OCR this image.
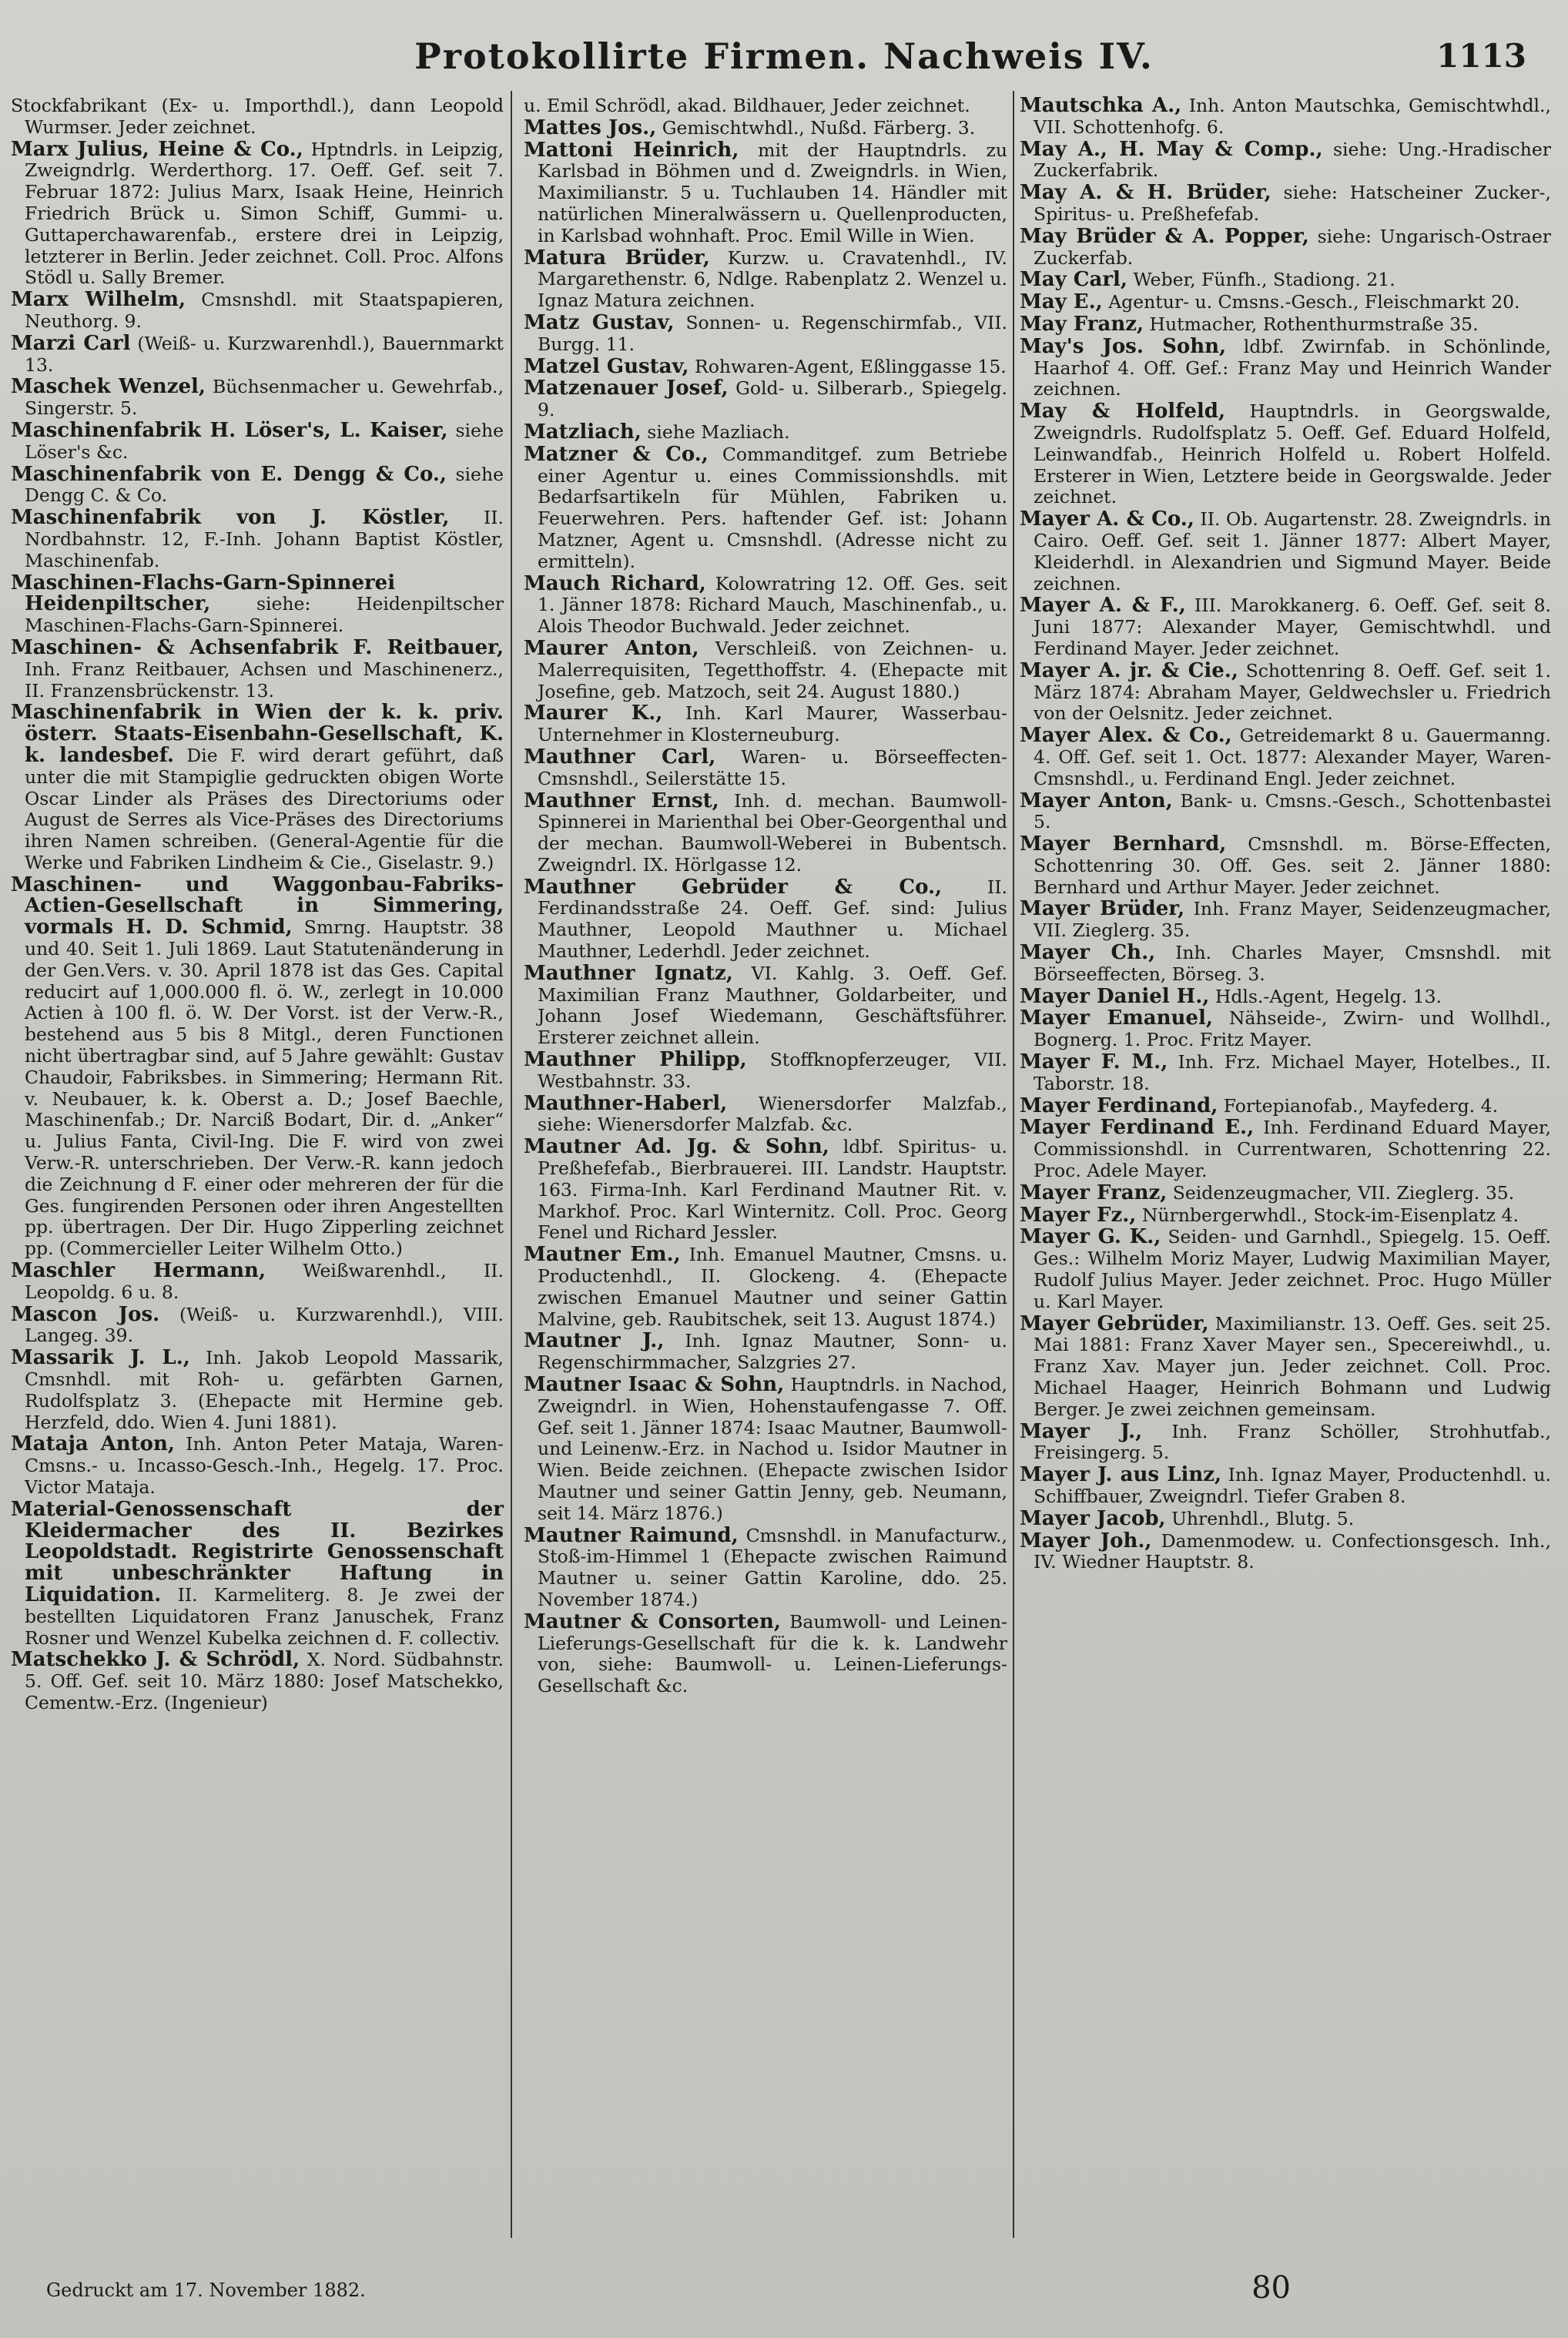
Protokollirte Firmen. Nachweis IV.	1113
Stockfabrikant (Ex- u. Importhdl.), dann Leopold Wurmser. Jeder zeichnet.
Marx Julius, Heine & Co., Hptndrls. in Leipzig, Zweigndrlg. Werderthorg. 17. Oeff. Gef. seit 7. Februar 1872: Julius Marx, Isaak Heine, Heinrich Friedrich Brück u. Simon Schiff, Gummi- u. Guttaperchawarenfab., erstere drei in Leipzig, letzterer in Berlin. Jeder zeichnet. Coll. Proc. Alfons Stödl u. Sally Bremer.
Marx Wilhelm, Cmsnshdl. mit Staatspapieren, Neuthorg. 9.
Marzi Carl (Weiß- u. Kurzwarenhdl.), Bauernmarkt 13.
Maschek Wenzel, Büchsenmacher u. Gewehrfab., Singerstr. 5.
Maschinenfabrik H. Löser's, L. Kaiser, siehe Löser's &c.
Maschinenfabrik von E. Dengg & Co., siehe Dengg C. & Co.
Maschinenfabrik von J. Köstler, II. Nordbahnstr. 12, F.-Inh. Johann Baptist Köstler, Maschinenfab.
Maschinen-Flachs-Garn-Spinnerei Heidenpiltscher,	siehe: Heidenpiltscher Maschinen-Flachs-Garn-Spinnerei.
Maschinen- & Achsenfabrik F. Reitbauer, Inh. Franz Reitbauer, Achsen und Maschinenerz., II. Franzensbrückenstr. 13.
Maschinenfabrik in Wien der k. k. priv. österr. Staats-Eisenbahn-Gesellschaft, K. k. landesbef. Die F. wird derart geführt, daß unter die mit Stampiglie gedruckten obigen Worte Oscar Linder als Präses des Directoriums oder August de Serres als Vice-Präses des Directoriums ihren Namen schreiben. (General-Agentie für die Werke und Fabriken Lindheim & Cie., Giselastr. 9.)
Maschinen- und Waggonbau-Fabriks-Actien-Gesellschaft in Simmering, vormals H. D. Schmid, Smrng. Hauptstr. 38 und 40. Seit 1. Juli 1869. Laut Statutenänderung in der Gen.Vers. v. 30. April 1878 ist das Ges. Capital reducirt auf 1,000.000 fl. ö. W., zerlegt in 10.000 Actien à 100 fl. ö. W. Der Vorst. ist der Verw.-R., bestehend aus 5 bis 8 Mitgl., deren Functionen nicht übertragbar sind, auf 5 Jahre gewählt: Gustav Chaudoir, Fabriksbes. in Simmering; Hermann Rit. v. Neubauer, k. k. Oberst a. D.; Josef Baechle, Maschinenfab.; Dr. Narciß Bodart, Dir. d. „Anker“ u. Julius Fanta, Civil-Ing. Die F. wird von zwei Verw.-R. unterschrieben. Der Verw.-R. kann jedoch die Zeichnung d F. einer oder mehreren der für die Ges. fungirenden Personen oder ihren Angestellten pp. übertragen. Der Dir. Hugo Zipperling zeichnet pp. (Commercieller Leiter Wilhelm Otto.)
Maschler Hermann, Weißwarenhdl., II. Leopoldg. 6 u. 8.
Mascon Jos. (Weiß- u. Kurzwarenhdl.), VIII. Langeg. 39.
Massarik J. L., Inh. Jakob Leopold Massarik, Cmsnhdl. mit Roh- u. gefärbten Garnen, Rudolfsplatz 3. (Ehepacte mit Hermine geb. Herzfeld, ddo. Wien 4. Juni 1881).
Mataja Anton, Inh. Anton Peter Mataja, Waren-Cmsns.- u. Incasso-Gesch.-Inh., Hegelg. 17. Proc. Victor Mataja.
Material-Genossenschaft der Kleidermacher des II. Bezirkes Leopoldstadt. Registrirte Genossenschaft mit unbeschränkter Haftung in Liquidation. II. Karmeliterg. 8. Je zwei der bestellten Liquidatoren Franz Januschek, Franz Rosner und Wenzel Kubelka zeichnen d. F. collectiv.
Matschekko J. & Schrödl, X. Nord. Südbahnstr. 5. Off. Gef. seit 10. März 1880: Josef Matschekko, Cementw.-Erz. (Ingenieur)
u. Emil Schrödl, akad. Bildhauer, Jeder zeichnet.
Mattes Jos., Gemischtwhdl., Nußd. Färberg. 3.
Mattoni Heinrich, mit der Hauptndrls. zu Karlsbad in Böhmen und d. Zweigndrls. in Wien, Maximilianstr. 5 u. Tuchlauben 14. Händler mit natürlichen Mineralwässern u. Quellenproducten, in Karlsbad wohnhaft. Proc. Emil Wille in Wien.
Matura Brüder, Kurzw. u. Cravatenhdl., IV. Margarethenstr. 6, Ndlge. Rabenplatz 2. Wenzel u. Ignaz Matura zeichnen.
Matz Gustav, Sonnen- u. Regenschirmfab., VII. Burgg. 11.
Matzel Gustav, Rohwaren-Agent, Eßlinggasse 15.
Matzenauer Josef, Gold- u. Silberarb., Spiegelg. 9.
Matzliach, siehe Mazliach.
Matzner & Co., Commanditgef. zum Betriebe einer Agentur u. eines Commissionshdls. mit Bedarfsartikeln für Mühlen, Fabriken u. Feuerwehren. Pers. haftender Gef. ist: Johann Matzner, Agent u. Cmsnshdl. (Adresse nicht zu ermitteln).
Mauch Richard, Kolowratring 12. Off. Ges. seit 1. Jänner 1878: Richard Mauch, Maschinenfab., u. Alois Theodor Buchwald. Jeder zeichnet.
Maurer Anton, Verschleiß. von Zeichnen- u. Malerrequisiten, Tegetthoffstr. 4. (Ehepacte mit Josefine, geb. Matzoch, seit 24. August 1880.)
Maurer K., Inh. Karl Maurer, Wasserbau-Unternehmer in Klosterneuburg.
Mauthner Carl, Waren- u. Börseeffecten-Cmsnshdl., Seilerstätte 15.
Mauthner Ernst, Inh. d. mechan. Baumwoll-Spinnerei in Marienthal bei Ober-Georgenthal und der mechan. Baumwoll-Weberei in Bubentsch. Zweigndrl. IX. Hörlgasse 12.
Mauthner Gebrüder & Co.,	II. Ferdinandsstraße 24. Oeff. Gef. sind: Julius Mauthner, Leopold Mauthner u. Michael Mauthner, Lederhdl. Jeder zeichnet.
Mauthner Ignatz, VI. Kahlg. 3. Oeff. Gef. Maximilian Franz Mauthner, Goldarbeiter, und Johann Josef Wiedemann, Geschäftsführer. Ersterer zeichnet allein.
Mauthner Philipp, Stoffknopferzeuger, VII. Westbahnstr. 33.
Mauthner-Haberl, Wienersdorfer Malzfab., siehe: Wienersdorfer Malzfab. &c.
Mautner Ad. Jg. & Sohn, ldbf. Spiritus- u. Preßhefefab., Bierbrauerei. III. Landstr. Hauptstr. 163. Firma-Inh. Karl Ferdinand Mautner Rit. v. Markhof. Proc. Karl Winternitz. Coll. Proc. Georg Fenel und Richard Jessler.
Mautner Em., Inh. Emanuel Mautner, Cmsns. u. Productenhdl., II. Glockeng. 4. (Ehepacte zwischen Emanuel Mautner und seiner Gattin Malvine, geb. Raubitschek, seit 13. August 1874.)
Mautner J., Inh. Ignaz Mautner, Sonn- u. Regenschirmmacher, Salzgries 27.
Mautner Isaac & Sohn, Hauptndrls. in Nachod, Zweigndrl. in Wien, Hohenstaufengasse 7. Off. Gef. seit 1. Jänner 1874: Isaac Mautner, Baumwoll- und Leinenw.-Erz. in Nachod u. Isidor Mautner in Wien. Beide zeichnen. (Ehepacte zwischen Isidor Mautner und seiner Gattin Jenny, geb. Neumann, seit 14. März 1876.)
Mautner Raimund, Cmsnshdl. in Manufacturw., Stoß-im-Himmel 1 (Ehepacte zwischen Raimund Mautner u. seiner Gattin Karoline, ddo. 25. November 1874.)
Mautner & Consorten, Baumwoll- und Leinen-Lieferungs-Gesellschaft für die k. k. Landwehr von, siehe: Baumwoll- u. Leinen-Lieferungs-Gesellschaft &c.
Mautschka A., Inh. Anton Mautschka, Gemischtwhdl., VII. Schottenhofg. 6.
May A., H. May & Comp., siehe: Ung.-Hradischer Zuckerfabrik.
May A. & H. Brüder, siehe: Hatscheiner Zucker-, Spiritus- u. Preßhefefab.
May Brüder & A. Popper, siehe: Ungarisch-Ostraer Zuckerfab.
May Carl, Weber, Fünfh., Stadiong. 21.
May E., Agentur- u. Cmsns.-Gesch., Fleischmarkt 20.
May Franz, Hutmacher, Rothenthurmstraße 35.
May's Jos. Sohn, ldbf. Zwirnfab. in Schönlinde, Haarhof 4. Off. Gef.: Franz May und Heinrich Wander zeichnen.
May & Holfeld, Hauptndrls. in Georgswalde, Zweigndrls. Rudolfsplatz 5. Oeff. Gef. Eduard Holfeld, Leinwandfab., Heinrich Holfeld u. Robert Holfeld. Ersterer in Wien, Letztere beide in Georgswalde. Jeder zeichnet.
Mayer A. & Co., II. Ob. Augartenstr. 28. Zweigndrls. in Cairo. Oeff. Gef. seit 1. Jänner 1877: Albert Mayer, Kleiderhdl. in Alexandrien und Sigmund Mayer. Beide zeichnen.
Mayer A. & F., III. Marokkanerg. 6. Oeff. Gef. seit 8. Juni 1877: Alexander Mayer, Gemischtwhdl. und Ferdinand Mayer. Jeder zeichnet.
Mayer A. jr. & Cie., Schottenring 8. Oeff. Gef. seit 1. März 1874: Abraham Mayer, Geldwechsler u. Friedrich von der Oelsnitz. Jeder zeichnet.
Mayer Alex. & Co., Getreidemarkt 8 u. Gauermanng. 4. Off. Gef. seit 1. Oct. 1877: Alexander Mayer, Waren-Cmsnshdl., u. Ferdinand Engl. Jeder zeichnet.
Mayer Anton, Bank- u. Cmsns.-Gesch., Schottenbastei 5.
Mayer Bernhard, Cmsnshdl. m. Börse-Effecten, Schottenring 30. Off. Ges. seit 2. Jänner 1880: Bernhard und Arthur Mayer. Jeder zeichnet.
Mayer Brüder, Inh. Franz Mayer, Seidenzeugmacher, VII. Zieglerg. 35.
Mayer Ch., Inh. Charles Mayer, Cmsnshdl. mit Börseeffecten, Börseg. 3.
Mayer Daniel H., Hdls.-Agent, Hegelg. 13.
Mayer Emanuel, Nähseide-, Zwirn- und Wollhdl., Bognerg. 1. Proc. Fritz Mayer.
Mayer F. M., Inh. Frz. Michael Mayer, Hotelbes., II. Taborstr. 18.
Mayer Ferdinand, Fortepianofab., Mayfederg. 4.
Mayer Ferdinand E., Inh. Ferdinand Eduard Mayer, Commissionshdl. in Currentwaren, Schottenring 22. Proc. Adele Mayer.
Mayer Franz, Seidenzeugmacher, VII. Zieglerg. 35.
Mayer Fz., Nürnbergerwhdl., Stock-im-Eisenplatz 4.
Mayer G. K., Seiden- und Garnhdl., Spiegelg. 15. Oeff. Ges.: Wilhelm Moriz Mayer, Ludwig Maximilian Mayer, Rudolf Julius Mayer. Jeder zeichnet. Proc. Hugo Müller u. Karl Mayer.
Mayer Gebrüder, Maximilianstr. 13. Oeff. Ges. seit 25. Mai 1881: Franz Xaver Mayer sen., Specereiwhdl., u. Franz Xav. Mayer jun. Jeder zeichnet. Coll. Proc. Michael Haager, Heinrich Bohmann und Ludwig Berger. Je zwei zeichnen gemeinsam.
Mayer J., Inh. Franz Schöller, Strohhutfab., Freisingerg. 5.
Mayer J. aus Linz, Inh. Ignaz Mayer, Productenhdl. u. Schiffbauer, Zweigndrl. Tiefer Graben 8.
Mayer Jacob, Uhrenhdl., Blutg. 5.
Mayer Joh., Damenmodew. u. Confectionsgesch. Inh., IV. Wiedner Hauptstr. 8.
Gedruckt am 17. November 1882.	80
